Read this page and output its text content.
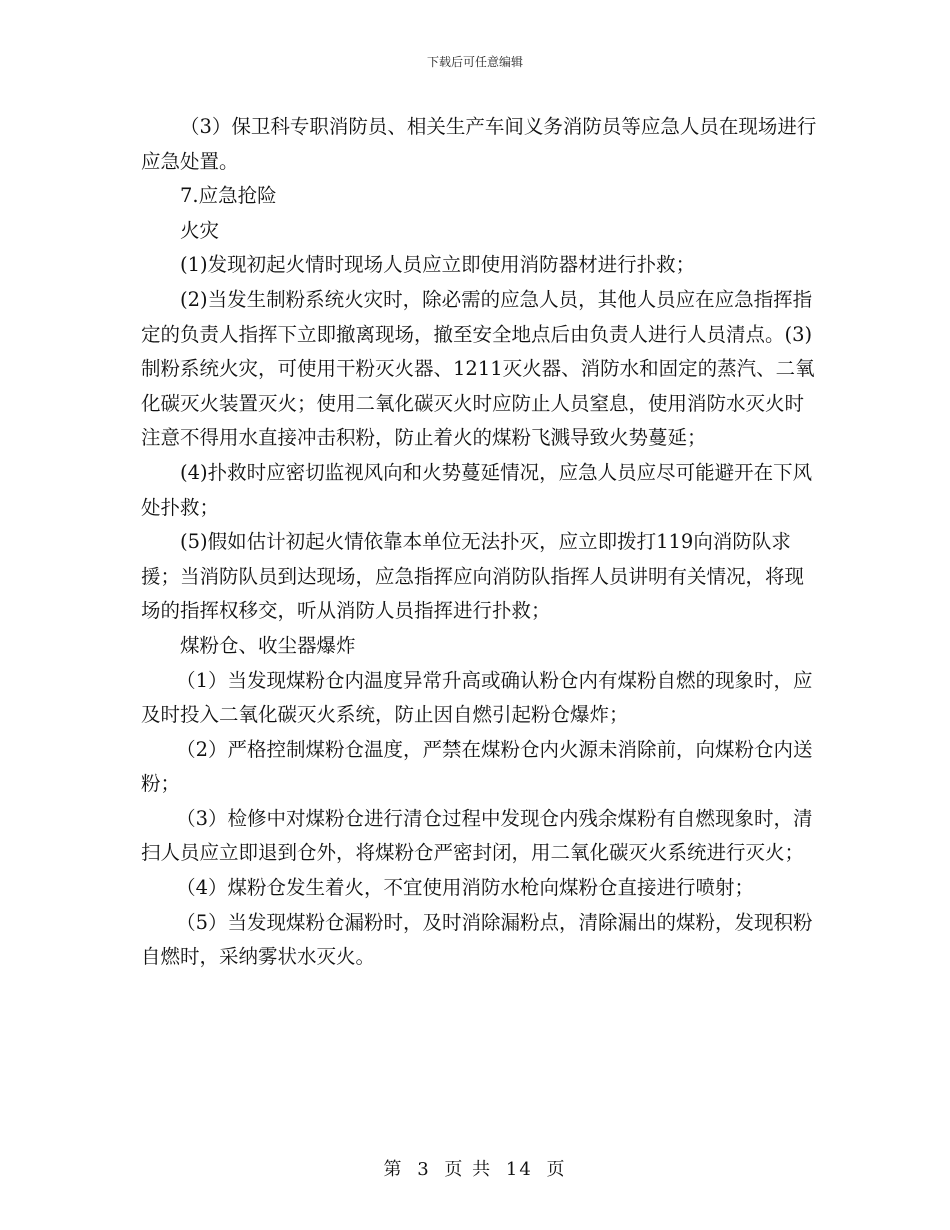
下载后可任意编辑

（3）保卫科专职消防员、相关生产车间义务消防员等应急人员在现场进行应急处置。

7.应急抢险

火灾

(1)发现初起火情时现场人员应立即使用消防器材进行扑救；

(2)当发生制粉系统火灾时，除必需的应急人员，其他人员应在应急指挥指定的负责人指挥下立即撤离现场，撤至安全地点后由负责人进行人员清点。(3)制粉系统火灾，可使用干粉灭火器、1211灭火器、消防水和固定的蒸汽、二氧化碳灭火装置灭火；使用二氧化碳灭火时应防止人员窒息，使用消防水灭火时注意不得用水直接冲击积粉，防止着火的煤粉飞溅导致火势蔓延；

(4)扑救时应密切监视风向和火势蔓延情况，应急人员应尽可能避开在下风处扑救；

(5)假如估计初起火情依靠本单位无法扑灭，应立即拨打119向消防队求援；当消防队员到达现场，应急指挥应向消防队指挥人员讲明有关情况，将现场的指挥权移交，听从消防人员指挥进行扑救；

煤粉仓、收尘器爆炸

（1）当发现煤粉仓内温度异常升高或确认粉仓内有煤粉自燃的现象时，应及时投入二氧化碳灭火系统，防止因自燃引起粉仓爆炸；

（2）严格控制煤粉仓温度，严禁在煤粉仓内火源未消除前，向煤粉仓内送粉；

（3）检修中对煤粉仓进行清仓过程中发现仓内残余煤粉有自燃现象时，清扫人员应立即退到仓外，将煤粉仓严密封闭，用二氧化碳灭火系统进行灭火；

（4）煤粉仓发生着火，不宜使用消防水枪向煤粉仓直接进行喷射；

（5）当发现煤粉仓漏粉时，及时消除漏粉点，清除漏出的煤粉，发现积粉自燃时，采纳雾状水灭火。

第 3 页 共 14 页
